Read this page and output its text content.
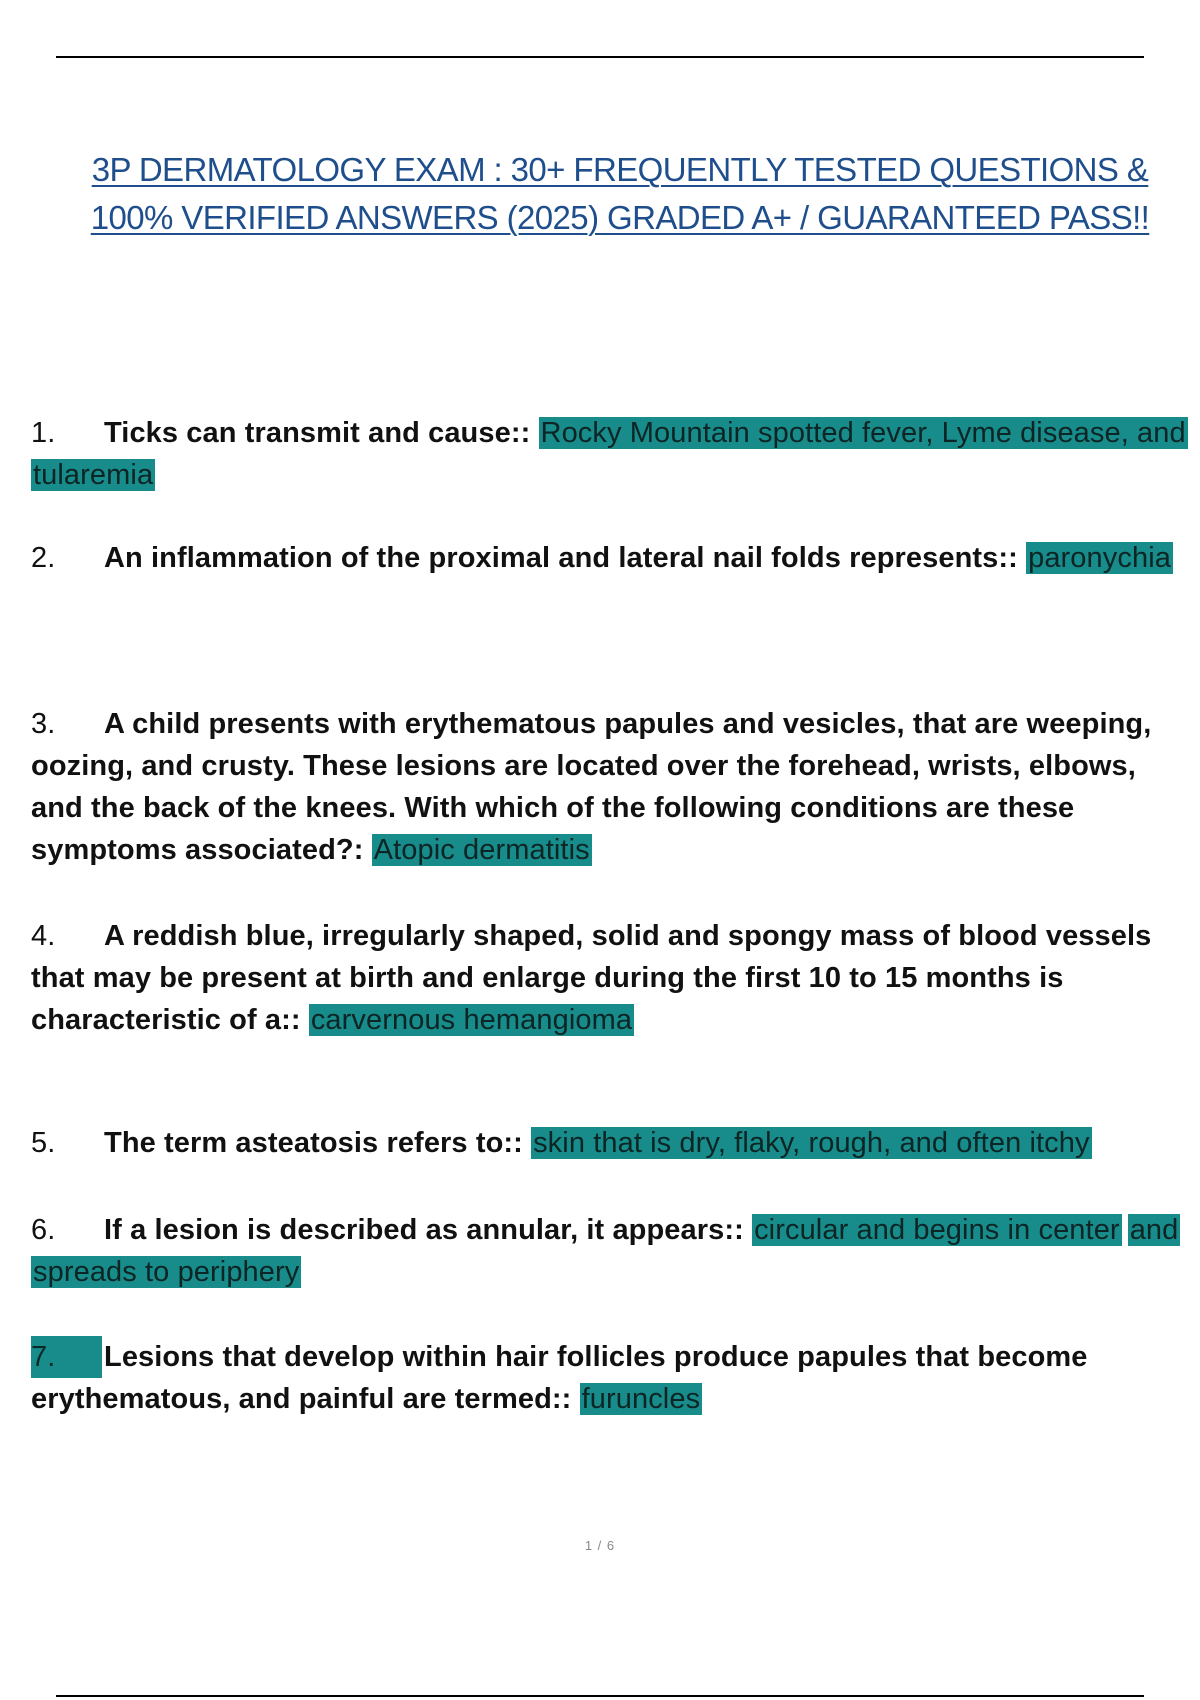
3P DERMATOLOGY EXAM : 30+ FREQUENTLY TESTED QUESTIONS &
100% VERIFIED ANSWERS (2025) GRADED A+ / GUARANTEED PASS!!
1. Ticks can transmit and cause:: Rocky Mountain spotted fever, Lyme disease, and tularemia
2. An inflammation of the proximal and lateral nail folds represents:: paronychia
3. A child presents with erythematous papules and vesicles, that are weeping, oozing, and crusty. These lesions are located over the forehead, wrists, elbows, and the back of the knees. With which of the following conditions are these symptoms associated?: Atopic dermatitis
4. A reddish blue, irregularly shaped, solid and spongy mass of blood vessels that may be present at birth and enlarge during the first 10 to 15 months is characteristic of a:: carvernous hemangioma
5. The term asteatosis refers to:: skin that is dry, flaky, rough, and often itchy
6. If a lesion is described as annular, it appears:: circular and begins in center and spreads to periphery
7. Lesions that develop within hair follicles produce papules that become erythematous, and painful are termed:: furuncles
1 / 6
